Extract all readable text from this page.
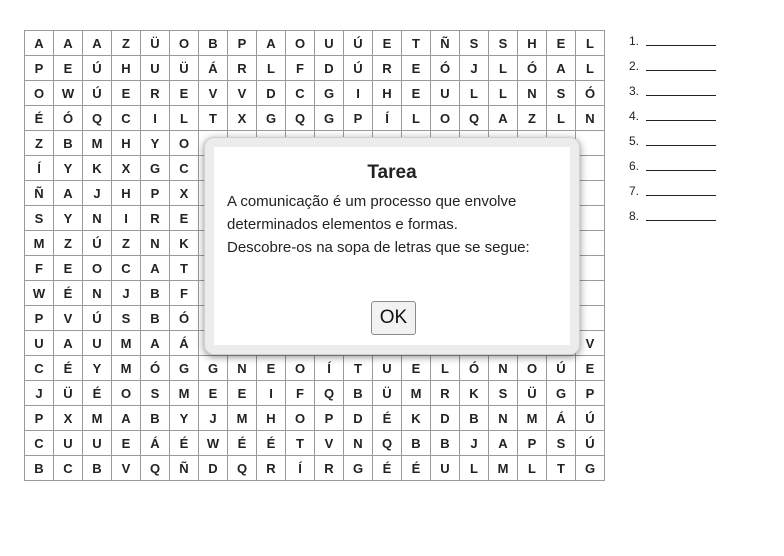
A	A	A	Z	Ü	O	B	P	A	O	U	Ú	E	T	Ñ	S	S	H	E	L
P	E	Ú	H	U	Ü	Á	R	L	F	D	Ú	R	E	Ó	J	L	Ó	A	L
O	W	Ú	E	R	E	V	V	D	C	G	I	H	E	U	L	L	N	S	Ó
É	Ó	Q	C	I	L	T	X	G	Q	G	P	Í	L	O	Q	A	Z	L	N
Z	B	M	H	Y	O														
Í	Y	K	X	G	C														
Ñ	A	J	H	P	X														
S	Y	N	I	R	E														
M	Z	Ú	Z	N	K														
F	E	O	C	A	T														
W	É	N	J	B	F														
P	V	Ú	S	B	Ó														
U	A	U	M	A	Á														V
C	É	Y	M	Ó	G	G	N	E	O	Í	T	U	E	L	Ó	N	O	Ú	E
J	Ü	É	O	S	M	E	E	I	F	Q	B	Ü	M	R	K	S	Ü	G	P
P	X	M	A	B	Y	J	M	H	O	P	D	É	K	D	B	N	M	Á	Ú
C	U	U	E	Á	É	W	É	É	T	V	N	Q	B	B	J	A	P	S	Ú
B	C	B	V	Q	Ñ	D	Q	R	Í	R	G	É	É	U	L	M	L	T	G
1.
2.
3.
4.
5.
6.
7.
8.
Tarea

A comunicação é um processo que envolve determinados elementos e formas.

Descobre-os na sopa de letras que se segue:

OK
